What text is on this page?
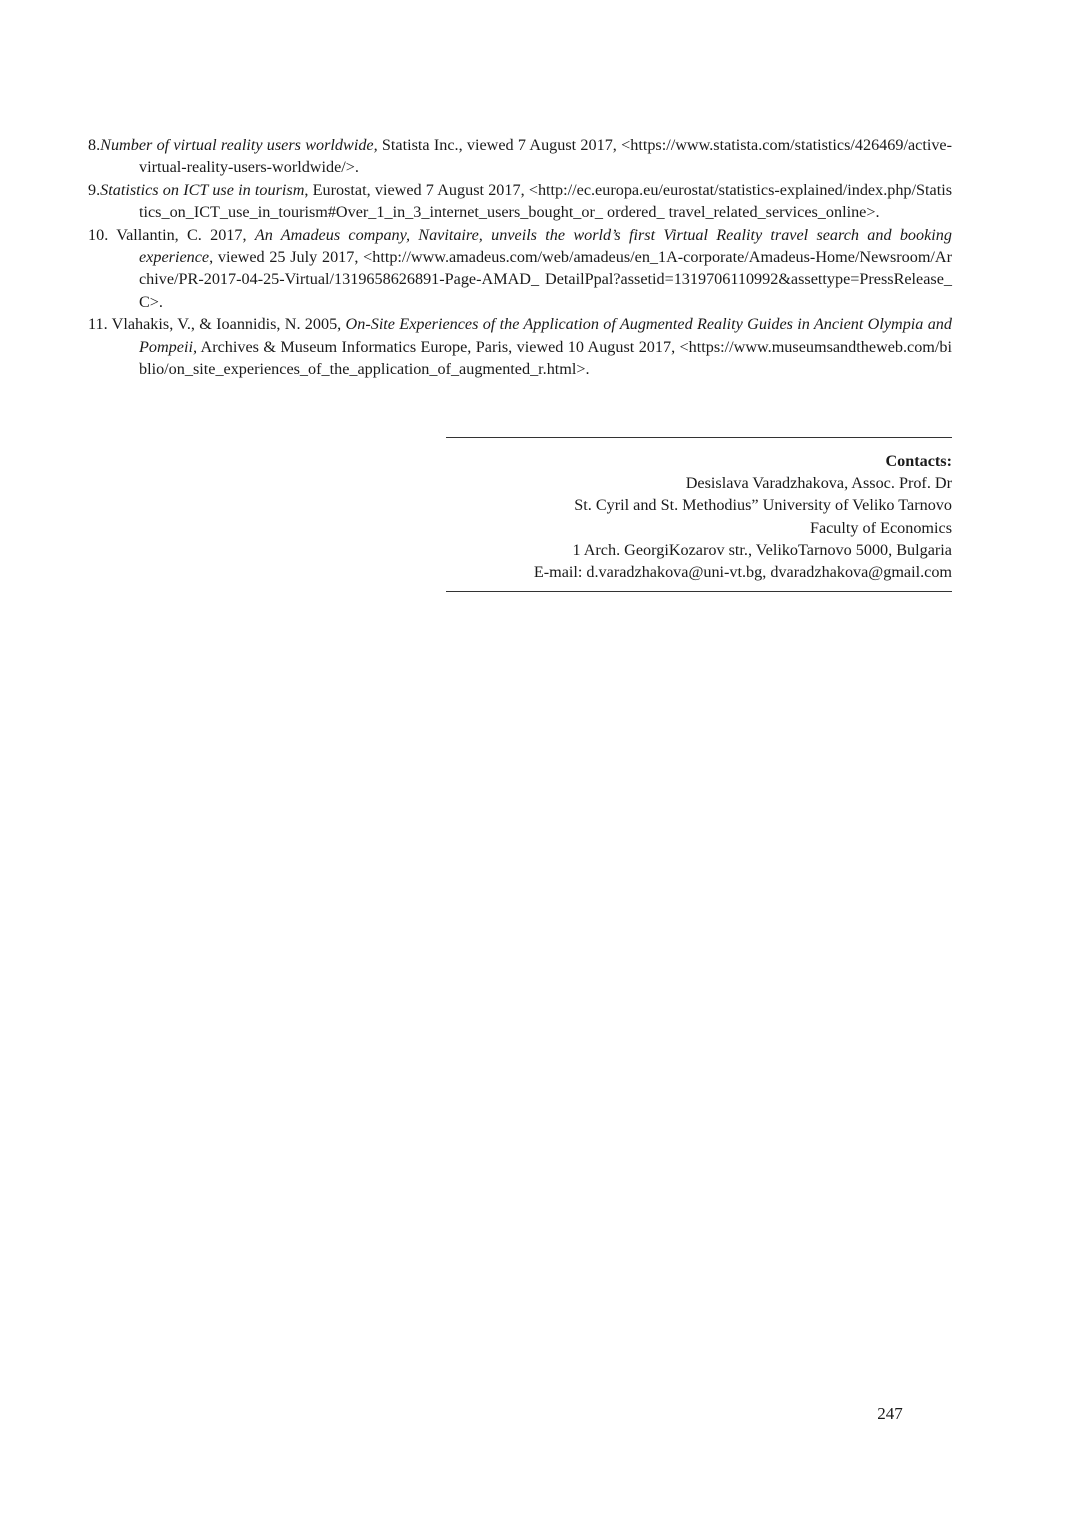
8.Number of virtual reality users worldwide, Statista Inc., viewed 7 August 2017, <https://www.statista.com/statistics/426469/active-virtual-reality-users-worldwide/>.

9.Statistics on ICT use in tourism, Eurostat, viewed 7 August 2017, <http://ec.europa.eu/eurostat/statistics-explained/index.php/Statistics_on_ICT_use_in_tourism#Over_1_in_3_internet_users_bought_or_ ordered_ travel_related_services_online>.

10. Vallantin, C. 2017, An Amadeus company, Navitaire, unveils the world’s first Virtual Reality travel search and booking experience, viewed 25 July 2017, <http://www.amadeus.com/web/amadeus/en_1A-corporate/Amadeus-Home/Newsroom/Archive/PR-2017-04-25-Virtual/1319658626891-Page-AMAD_ DetailPpal?assetid=1319706110992&assettype=PressRelease_C>.

11. Vlahakis, V., & Ioannidis, N. 2005, On-Site Experiences of the Application of Augmented Reality Guides in Ancient Olympia and Pompeii, Archives & Museum Informatics Europe, Paris, viewed 10 August 2017, <https://www.museumsandtheweb.com/biblio/on_site_experiences_of_the_application_of_augmented_r.html>.

Contacts:
Desislava Varadzhakova, Assoc. Prof. Dr
St. Cyril and St. Methodius” University of Veliko Tarnovo
Faculty of Economics
1 Arch. GeorgiKozarov str., VelikoTarnovo 5000, Bulgaria
E-mail: d.varadzhakova@uni-vt.bg, dvaradzhakova@gmail.com
247
